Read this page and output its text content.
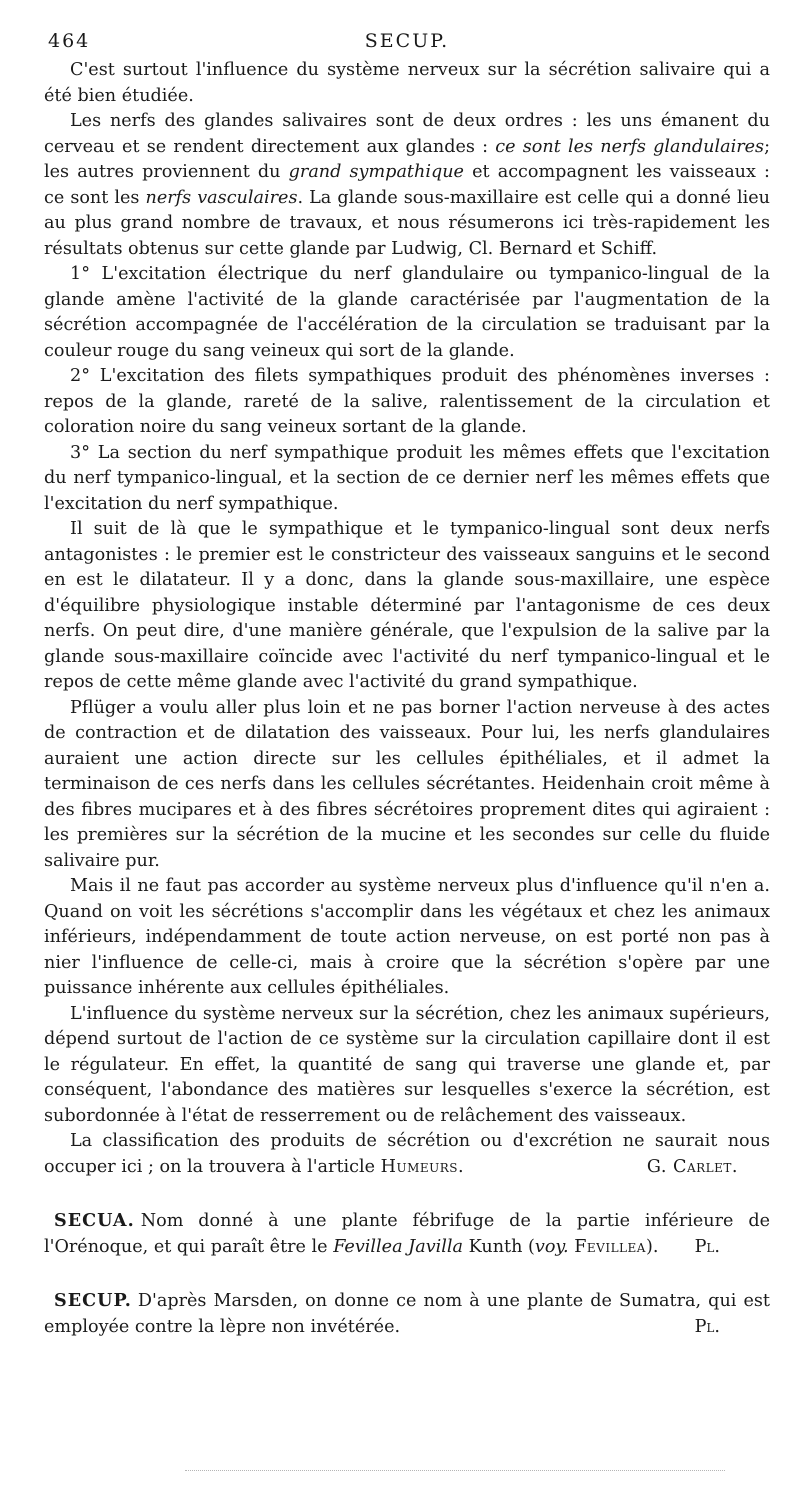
464	SECUP.

C'est surtout l'influence du système nerveux sur la sécrétion salivaire qui a été bien étudiée.

Les nerfs des glandes salivaires sont de deux ordres : les uns émanent du cerveau et se rendent directement aux glandes : ce sont les nerfs glandulaires; les autres proviennent du grand sympathique et accompagnent les vaisseaux : ce sont les nerfs vasculaires. La glande sous-maxillaire est celle qui a donné lieu au plus grand nombre de travaux, et nous résumerons ici très-rapidement les résultats obtenus sur cette glande par Ludwig, Cl. Bernard et Schiff.

1° L'excitation électrique du nerf glandulaire ou tympanico-lingual de la glande amène l'activité de la glande caractérisée par l'augmentation de la sécrétion accompagnée de l'accélération de la circulation se traduisant par la couleur rouge du sang veineux qui sort de la glande.

2° L'excitation des filets sympathiques produit des phénomènes inverses : repos de la glande, rareté de la salive, ralentissement de la circulation et coloration noire du sang veineux sortant de la glande.

3° La section du nerf sympathique produit les mêmes effets que l'excitation du nerf tympanico-lingual, et la section de ce dernier nerf les mêmes effets que l'excitation du nerf sympathique.

Il suit de là que le sympathique et le tympanico-lingual sont deux nerfs antagonistes : le premier est le constricteur des vaisseaux sanguins et le second en est le dilatateur. Il y a donc, dans la glande sous-maxillaire, une espèce d'équilibre physiologique instable déterminé par l'antagonisme de ces deux nerfs. On peut dire, d'une manière générale, que l'expulsion de la salive par la glande sous-maxillaire coïncide avec l'activité du nerf tympanico-lingual et le repos de cette même glande avec l'activité du grand sympathique.

Pflüger a voulu aller plus loin et ne pas borner l'action nerveuse à des actes de contraction et de dilatation des vaisseaux. Pour lui, les nerfs glandulaires auraient une action directe sur les cellules épithéliales, et il admet la terminaison de ces nerfs dans les cellules sécrétantes. Heidenhain croit même à des fibres mucipares et à des fibres sécrétoires proprement dites qui agiraient : les premières sur la sécrétion de la mucine et les secondes sur celle du fluide salivaire pur.

Mais il ne faut pas accorder au système nerveux plus d'influence qu'il n'en a. Quand on voit les sécrétions s'accomplir dans les végétaux et chez les animaux inférieurs, indépendamment de toute action nerveuse, on est porté non pas à nier l'influence de celle-ci, mais à croire que la sécrétion s'opère par une puissance inhérente aux cellules épithéliales.

L'influence du système nerveux sur la sécrétion, chez les animaux supérieurs, dépend surtout de l'action de ce système sur la circulation capillaire dont il est le régulateur. En effet, la quantité de sang qui traverse une glande et, par conséquent, l'abondance des matières sur lesquelles s'exerce la sécrétion, est subordonnée à l'état de resserrement ou de relâchement des vaisseaux.

La classification des produits de sécrétion ou d'excrétion ne saurait nous occuper ici ; on la trouvera à l'article Humeurs.	G. Carlet.

SECUA. Nom donné à une plante fébrifuge de la partie inférieure de l'Orénoque, et qui paraît être le Fevillea Javilla Kunth (voy. Fevillea).	Pl.

SECUP. D'après Marsden, on donne ce nom à une plante de Sumatra, qui est employée contre la lèpre non invétérée.	Pl.
